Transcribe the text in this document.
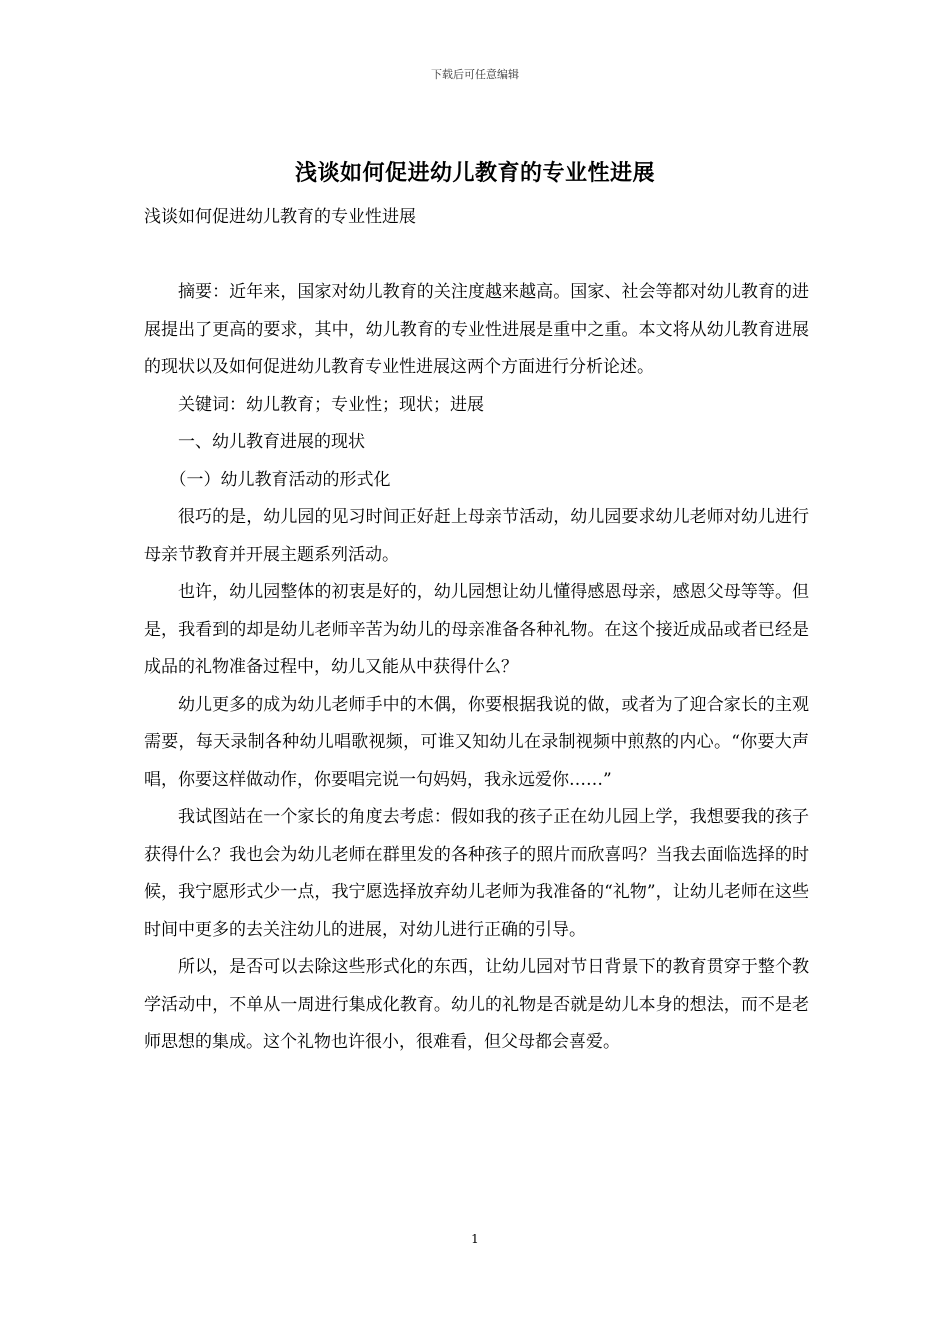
下载后可任意编辑
浅谈如何促进幼儿教育的专业性进展

浅谈如何促进幼儿教育的专业性进展

摘要：近年来，国家对幼儿教育的关注度越来越高。国家、社会等都对幼儿教育的进展提出了更高的要求，其中，幼儿教育的专业性进展是重中之重。本文将从幼儿教育进展的现状以及如何促进幼儿教育专业性进展这两个方面进行分析论述。

关键词：幼儿教育；专业性；现状；进展

一、幼儿教育进展的现状

（一）幼儿教育活动的形式化

很巧的是，幼儿园的见习时间正好赶上母亲节活动，幼儿园要求幼儿老师对幼儿进行母亲节教育并开展主题系列活动。

也许，幼儿园整体的初衷是好的，幼儿园想让幼儿懂得感恩母亲，感恩父母等等。但是，我看到的却是幼儿老师辛苦为幼儿的母亲准备各种礼物。在这个接近成品或者已经是成品的礼物准备过程中，幼儿又能从中获得什么？

幼儿更多的成为幼儿老师手中的木偶，你要根据我说的做，或者为了迎合家长的主观需要，每天录制各种幼儿唱歌视频，可谁又知幼儿在录制视频中煎熬的内心。“你要大声唱，你要这样做动作，你要唱完说一句妈妈，我永远爱你……”

我试图站在一个家长的角度去考虑：假如我的孩子正在幼儿园上学，我想要我的孩子获得什么？我也会为幼儿老师在群里发的各种孩子的照片而欣喜吗？当我去面临选择的时候，我宁愿形式少一点，我宁愿选择放弃幼儿老师为我准备的“礼物”，让幼儿老师在这些时间中更多的去关注幼儿的进展，对幼儿进行正确的引导。

所以，是否可以去除这些形式化的东西，让幼儿园对节日背景下的教育贯穿于整个教学活动中，不单从一周进行集成化教育。幼儿的礼物是否就是幼儿本身的想法，而不是老师思想的集成。这个礼物也许很小，很难看，但父母都会喜爱。

1
